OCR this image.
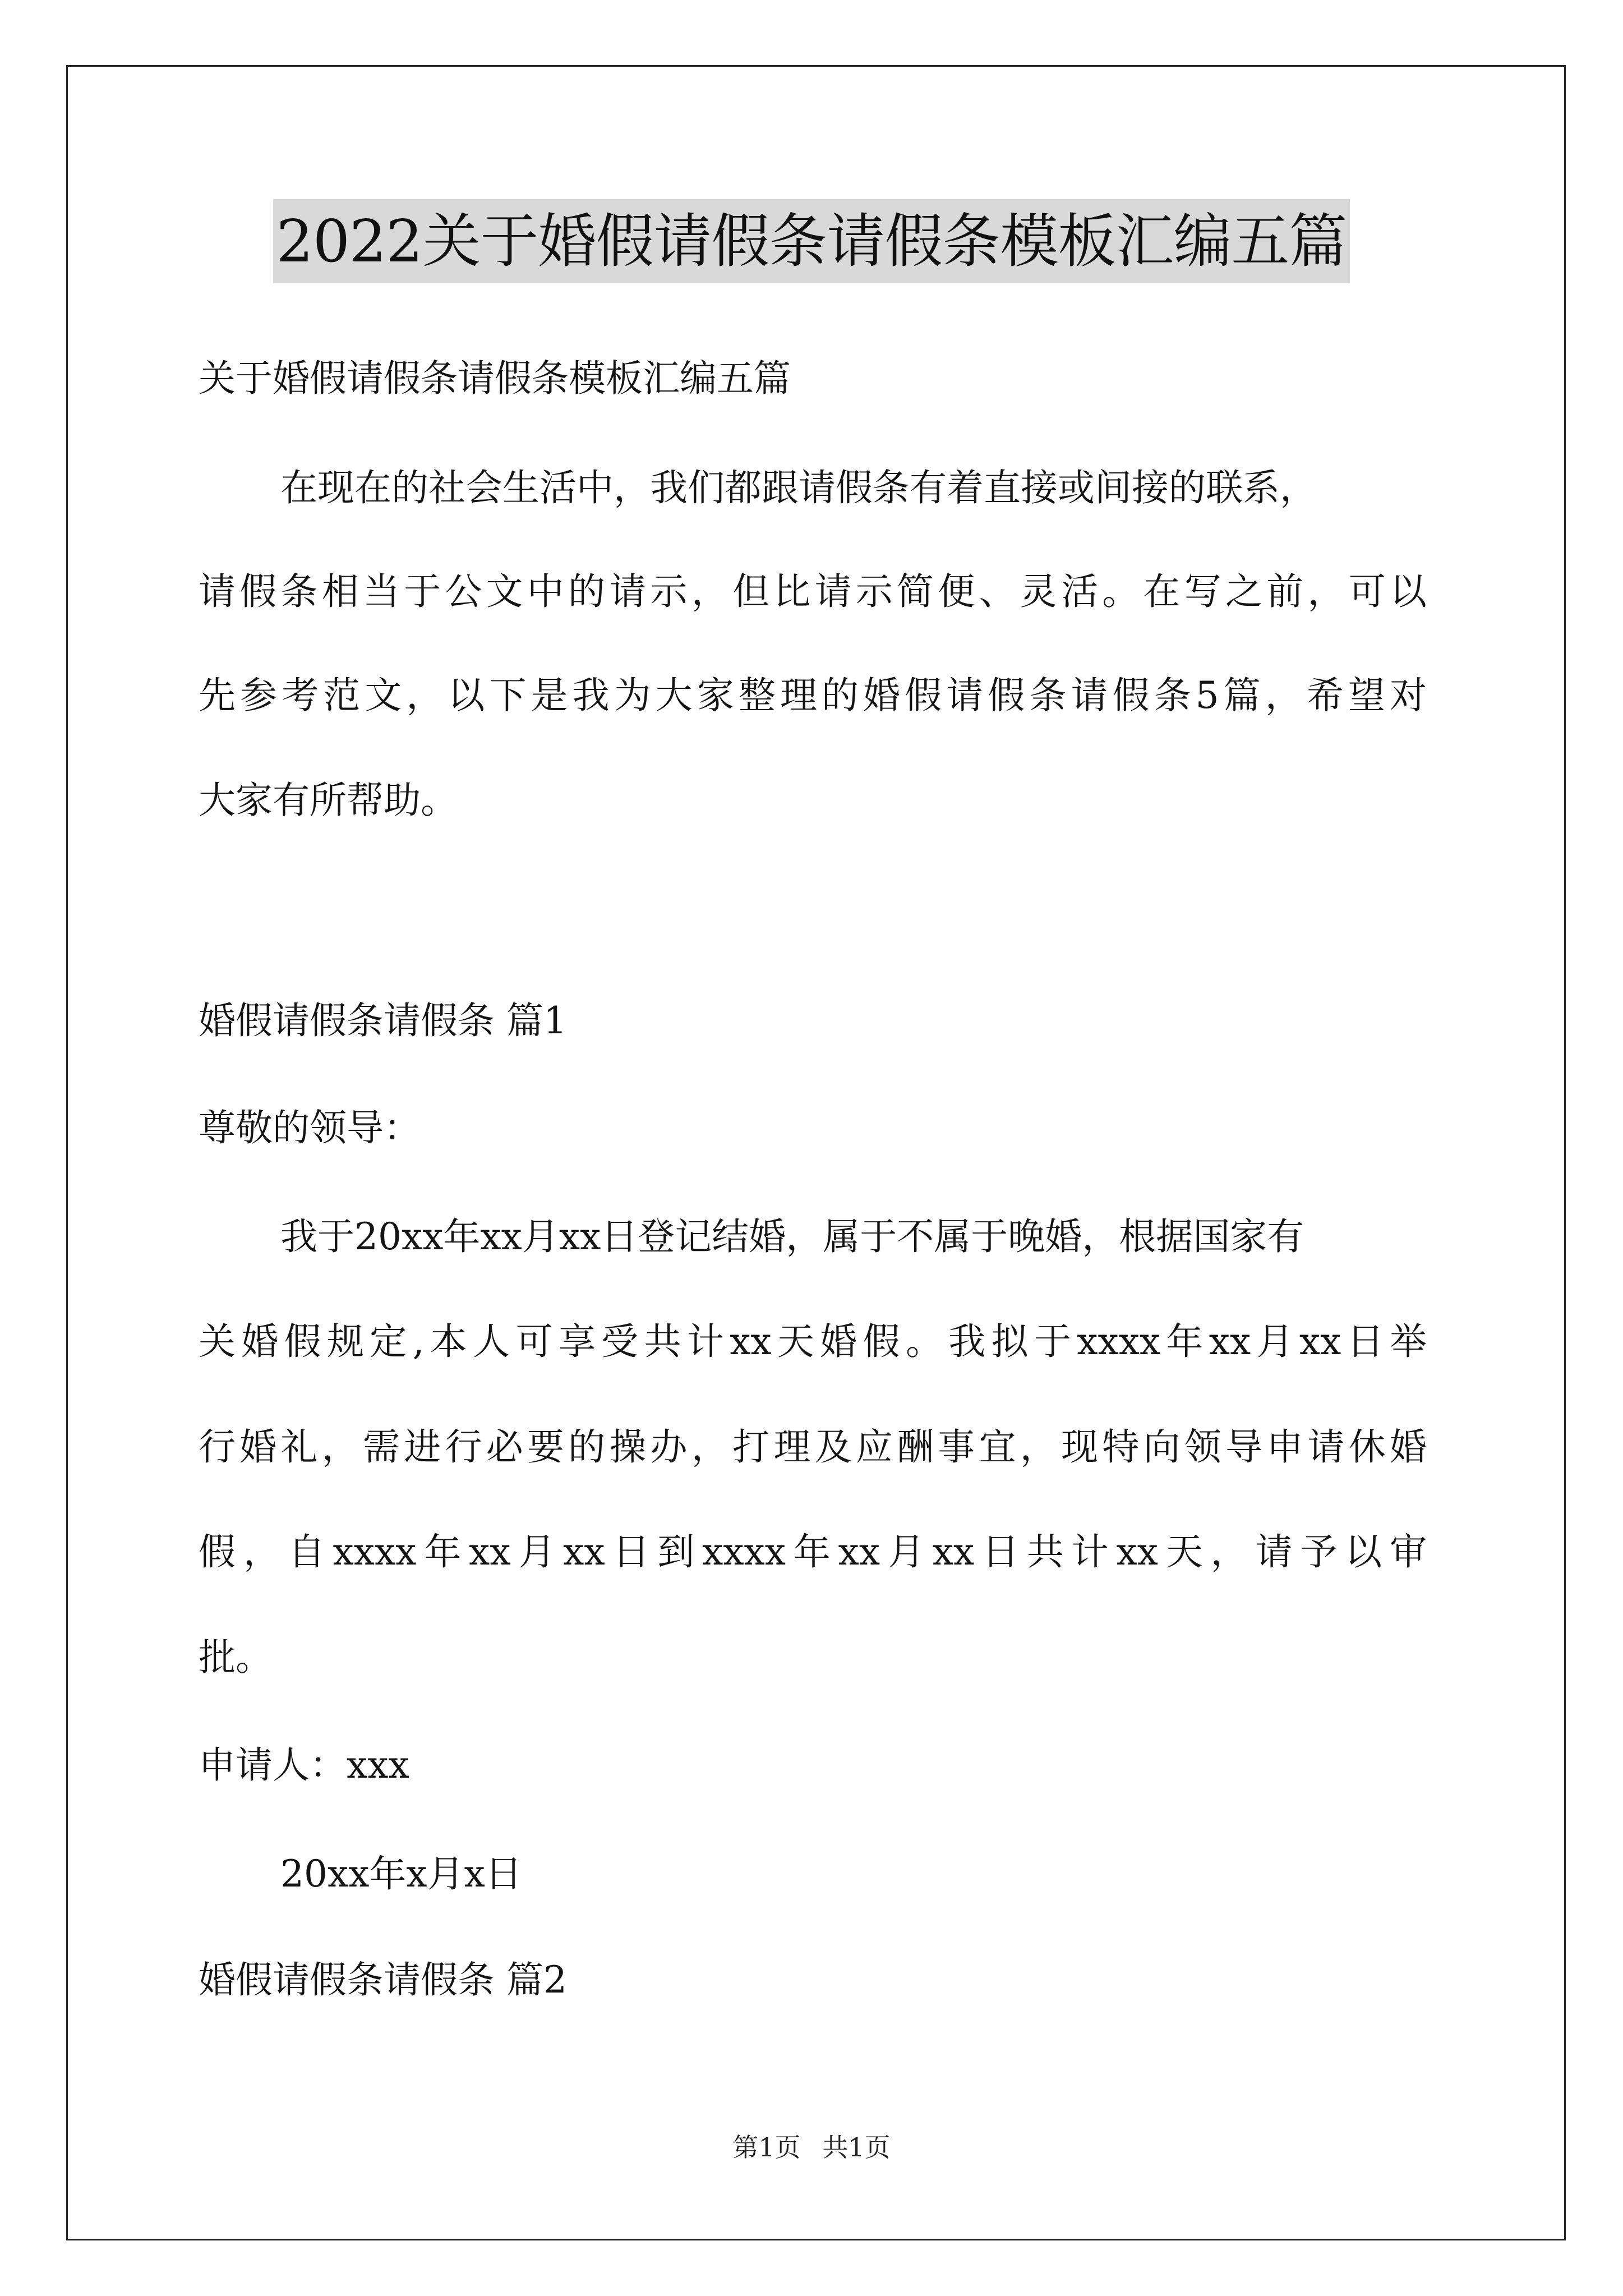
2022关于婚假请假条请假条模板汇编五篇
关于婚假请假条请假条模板汇编五篇
在现在的社会生活中，我们都跟请假条有着直接或间接的联系，
请假条相当于公文中的请示，但比请示简便、灵活。在写之前，可以
先参考范文，以下是我为大家整理的婚假请假条请假条5篇，希望对
大家有所帮助。
婚假请假条请假条 篇1
尊敬的领导：
我于20xx年xx月xx日登记结婚，属于不属于晚婚，根据国家有
关婚假规定,本人可享受共计xx天婚假。我拟于xxxx年xx月xx日举
行婚礼，需进行必要的操办，打理及应酬事宜，现特向领导申请休婚
假，自xxxx年xx月xx日到xxxx年xx月xx日共计xx天，请予以审
批。
申请人：xxx
20xx年x月x日
婚假请假条请假条 篇2
第1页 共1页
